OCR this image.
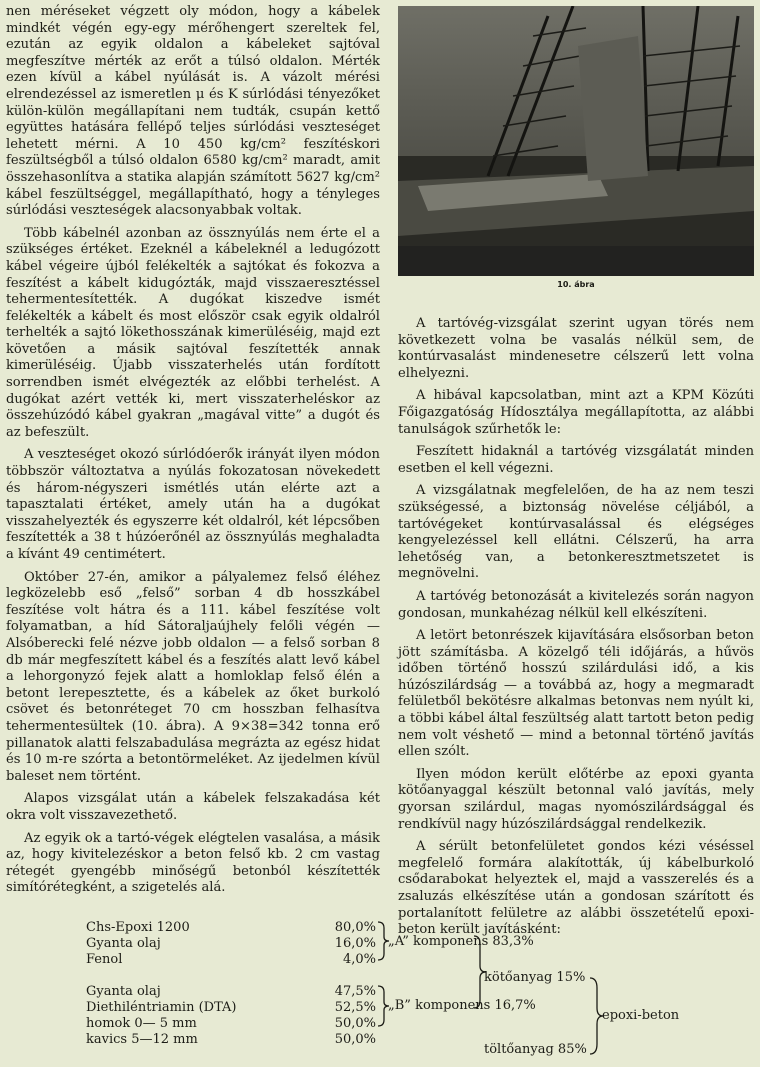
nen méréseket végzett oly módon, hogy a kábelek mindkét végén egy-egy mérőhengert szereltek fel, ezután az egyik oldalon a kábeleket sajtóval megfeszítve mérték az erőt a túlsó oldalon. Mérték ezen kívül a kábel nyúlását is. A vázolt mérési elrendezéssel az ismeretlen μ és K súrlódási tényezőket külön-külön megállapítani nem tudták, csupán kettő együttes hatására fellépő teljes súrlódási veszteséget lehetett mérni. A 10 450 kg/cm² feszítéskori feszültségből a túlsó oldalon 6580 kg/cm² maradt, amit összehasonlítva a statika alapján számított 5627 kg/cm² kábel feszültséggel, megállapítható, hogy a tényleges súrlódási veszteségek alacsonyabbak voltak.

Több kábelnél azonban az össznyúlás nem érte el a szükséges értéket. Ezeknél a kábeleknél a ledugózott kábel végeire újból felékelték a sajtókat és fokozva a feszítést a kábelt kidugózták, majd visszaeresztéssel tehermentesítették. A dugókat kiszedve ismét felékelték a kábelt és most először csak egyik oldalról terhelték a sajtó lökethosszának kimerüléséig, majd ezt követően a másik sajtóval feszítették annak kimerüléséig. Újabb visszaterhelés után fordított sorrendben ismét elvégezték az előbbi terhelést. A dugókat azért vették ki, mert visszaterheléskor az összehúzódó kábel gyakran „magával vitte” a dugót és az befeszült.

A veszteséget okozó súrlódóerők irányát ilyen módon többször változtatva a nyúlás fokozatosan növekedett és három-négyszeri ismétlés után elérte azt a tapasztalati értéket, amely után ha a dugókat visszahelyezték és egyszerre két oldalról, két lépcsőben feszítették a 38 t húzóerőnél az össznyúlás meghaladta a kívánt 49 centimétert.

Október 27-én, amikor a pályalemez felső éléhez legközelebb eső „felső” sorban 4 db hosszkábel feszítése volt hátra és a 111. kábel feszítése volt folyamatban, a híd Sátoraljaújhely felőli végén — Alsóberecki felé nézve jobb oldalon — a felső sorban 8 db már megfeszített kábel és a feszítés alatt levő kábel a lehorgonyzó fejek alatt a homloklap felső élén a betont lerepesztette, és a kábelek az őket burkoló csövet és betonréteget 70 cm hosszban felhasítva tehermentesültek (10. ábra). A 9×38=342 tonna erő pillanatok alatti felszabadulása megrázta az egész hidat és 10 m-re szórta a betontörmeléket. Az ijedelmen kívül baleset nem történt.

Alapos vizsgálat után a kábelek felszakadása két okra volt visszavezethető.

Az egyik ok a tartó-végek elégtelen vasalása, a másik az, hogy kivitelezéskor a beton felső kb. 2 cm vastag rétegét gyengébb minőségű betonból készítették simítórétegként, a szigetelés alá.

10. ábra

A tartóvég-vizsgálat szerint ugyan törés nem következett volna be vasalás nélkül sem, de kontúrvasalást mindenesetre célszerű lett volna elhelyezni.

A hibával kapcsolatban, mint azt a KPM Közúti Főigazgatóság Hídosztálya megállapította, az alábbi tanulságok szűrhetők le:

Feszített hidaknál a tartóvég vizsgálatát minden esetben el kell végezni.

A vizsgálatnak megfelelően, de ha az nem teszi szükségessé, a biztonság növelése céljából, a tartóvégeket kontúrvasalással és elégséges kengyelezéssel kell ellátni. Célszerű, ha arra lehetőség van, a betonkeresztmetszetet is megnövelni.

A tartóvég betonozását a kivitelezés során nagyon gondosan, munkahézag nélkül kell elkészíteni.

A letört betonrészek kijavítására elsősorban beton jött számításba. A közelgő téli időjárás, a hűvös időben történő hosszú szilárdulási idő, a kis húzószilárdság — a továbbá az, hogy a megmaradt felületből bekötésre alkalmas betonvas nem nyúlt ki, a többi kábel által feszültség alatt tartott beton pedig nem volt véshető — mind a betonnal történő javítás ellen szólt.

Ilyen módon került előtérbe az epoxi gyanta kötőanyaggal készült betonnal való javítás, mely gyorsan szilárdul, magas nyomószilárdsággal és rendkívül nagy húzószilárdsággal rendelkezik.

A sérült betonfelületet gondos kézi véséssel megfelelő formára alakították, új kábelburkoló csődarabokat helyeztek el, majd a vasszerelés és a zsaluzás elkészítése után a gondosan szárított és portalanított felületre az alábbi összetételű epoxi-beton került javításként:

Chs-Epoxi 1200	80,0%
Gyanta olaj	16,0%
Fenol	4,0%
Gyanta olaj	47,5%
Diethiléntriamin (DTA)	52,5%
homok 0— 5 mm	50,0%
kavics 5—12 mm	50,0%
„A” komponens 83,3%
„B” komponens 16,7%
kötőanyag 15%
töltőanyag 85%
epoxi-beton
